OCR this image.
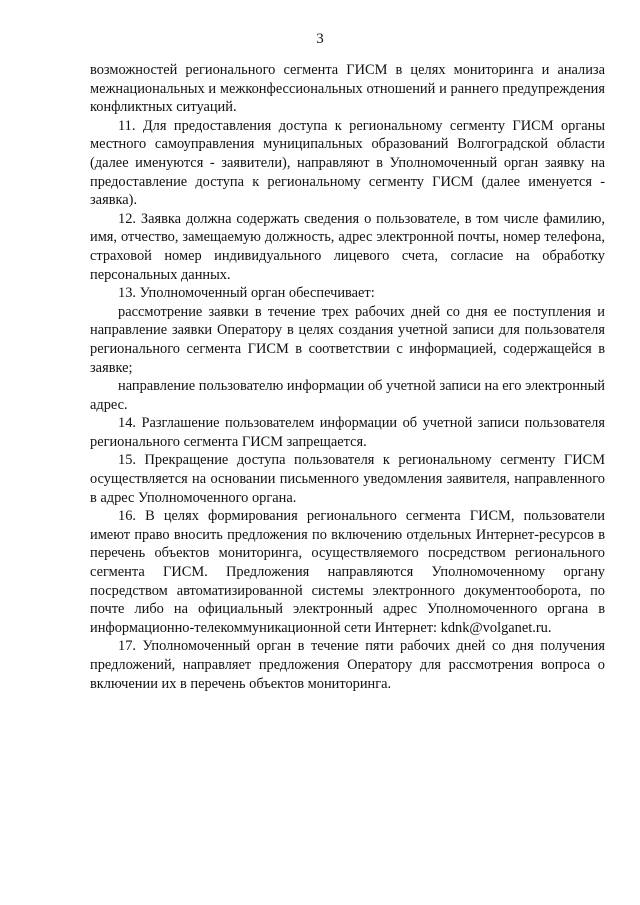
3

возможностей регионального сегмента ГИСМ в целях мониторинга и анализа межнациональных и межконфессиональных отношений и раннего предупреждения конфликтных ситуаций.

11. Для предоставления доступа к региональному сегменту ГИСМ органы местного самоуправления муниципальных образований Волгоградской области (далее именуются - заявители), направляют в Уполномоченный орган заявку на предоставление доступа к региональному сегменту ГИСМ (далее именуется - заявка).

12. Заявка должна содержать сведения о пользователе, в том числе фамилию, имя, отчество, замещаемую должность, адрес электронной почты, номер телефона, страховой номер индивидуального лицевого счета, согласие на обработку персональных данных.

13. Уполномоченный орган обеспечивает:

рассмотрение заявки в течение трех рабочих дней со дня ее поступления и направление заявки Оператору в целях создания учетной записи для пользователя регионального сегмента ГИСМ в соответствии с информацией, содержащейся в заявке;

направление пользователю информации об учетной записи на его электронный адрес.

14. Разглашение пользователем информации об учетной записи пользователя регионального сегмента ГИСМ запрещается.

15. Прекращение доступа пользователя к региональному сегменту ГИСМ осуществляется на основании письменного уведомления заявителя, направленного в адрес Уполномоченного органа.

16. В целях формирования регионального сегмента ГИСМ, пользователи имеют право вносить предложения по включению отдельных Интернет-ресурсов в перечень объектов мониторинга, осуществляемого посредством регионального сегмента ГИСМ. Предложения направляются Уполномоченному органу посредством автоматизированной системы электронного документооборота, по почте либо на официальный электронный адрес Уполномоченного органа в информационно-телекоммуникационной сети Интернет: kdnk@volganet.ru.

17. Уполномоченный орган в течение пяти рабочих дней со дня получения предложений, направляет предложения Оператору для рассмотрения вопроса о включении их в перечень объектов мониторинга.
